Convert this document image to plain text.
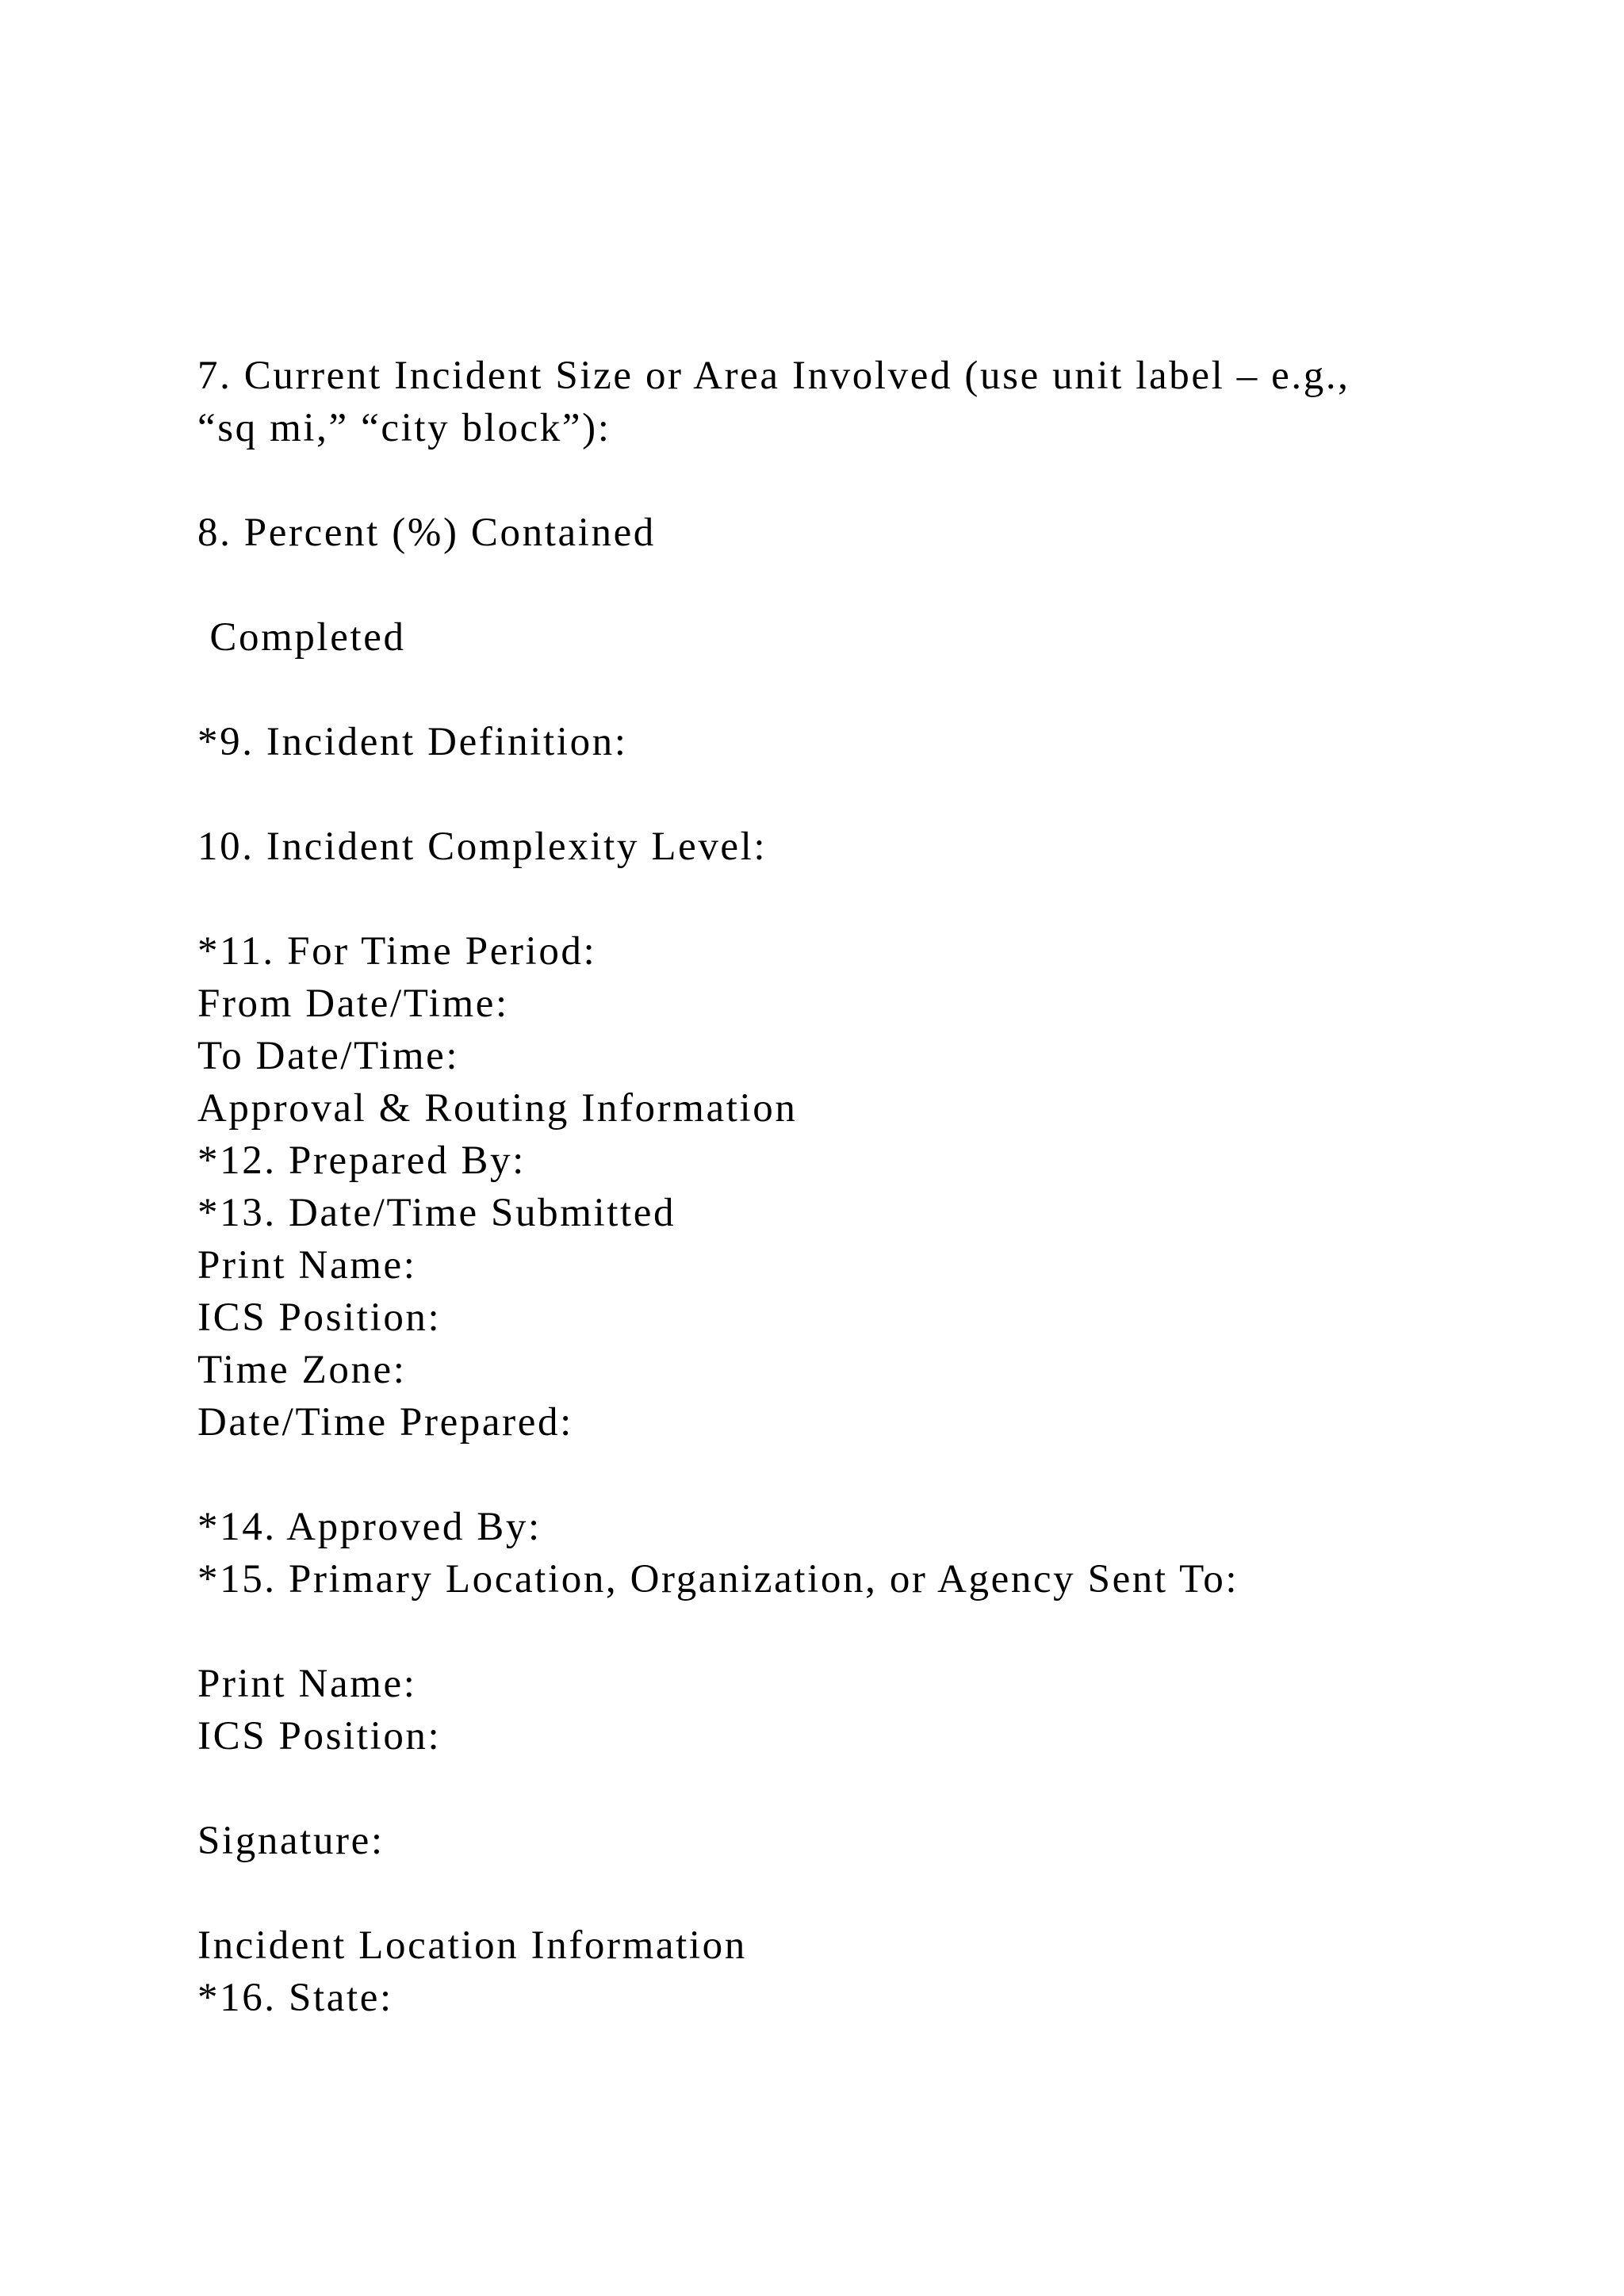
7. Current Incident Size or Area Involved (use unit label – e.g.,
“sq mi,” “city block”):
8. Percent (%) Contained
Completed
*9. Incident Definition:
10. Incident Complexity Level:
*11. For Time Period:
From Date/Time:
To Date/Time:
Approval & Routing Information
*12. Prepared By:
*13. Date/Time Submitted
Print Name:
ICS Position:
Time Zone:
Date/Time Prepared:
*14. Approved By:
*15. Primary Location, Organization, or Agency Sent To:
Print Name:
ICS Position:
Signature:
Incident Location Information
*16. State:
